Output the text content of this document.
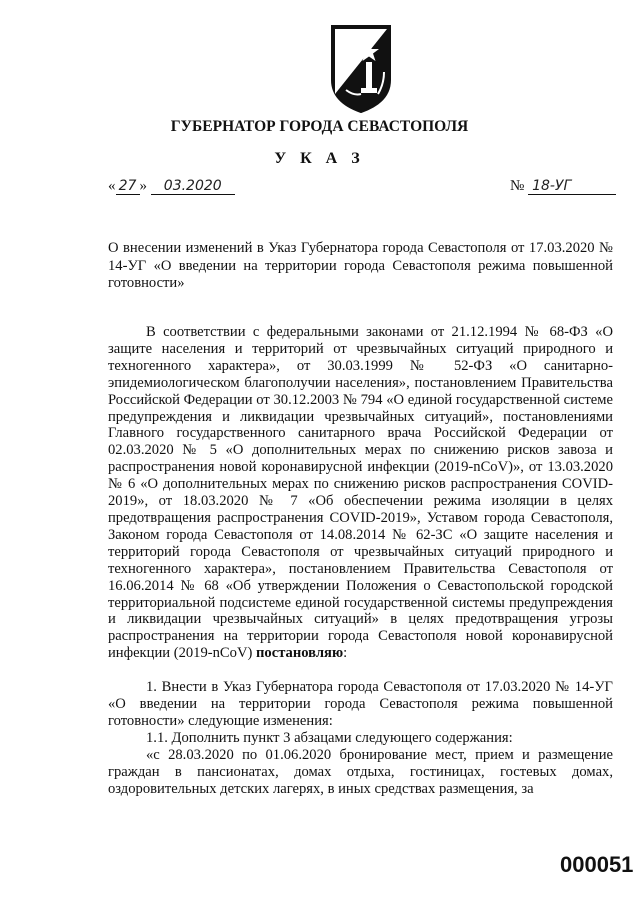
ГУБЕРНАТОР ГОРОДА СЕВАСТОПОЛЯ
У К А З
« 27 » 03.2020	№ 18-УГ
О внесении изменений в Указ Губернатора города Севастополя от 17.03.2020 № 14-УГ «О введении на территории города Севастополя режима повышенной готовности»

В соответствии с федеральными законами от 21.12.1994 № 68-ФЗ «О защите населения и территорий от чрезвычайных ситуаций природного и техногенного характера», от 30.03.1999 № 52-ФЗ «О санитарно-эпидемиологическом благополучии населения», постановлением Правительства Российской Федерации от 30.12.2003 № 794 «О единой государственной системе предупреждения и ликвидации чрезвычайных ситуаций», постановлениями Главного государственного санитарного врача Российской Федерации от 02.03.2020 № 5 «О дополнительных мерах по снижению рисков завоза и распространения новой коронавирусной инфекции (2019-nCoV)», от 13.03.2020 № 6 «О дополнительных мерах по снижению рисков распространения COVID-2019», от 18.03.2020 № 7 «Об обеспечении режима изоляции в целях предотвращения распространения COVID-2019», Уставом города Севастополя, Законом города Севастополя от 14.08.2014 № 62-ЗС «О защите населения и территорий города Севастополя от чрезвычайных ситуаций природного и техногенного характера», постановлением Правительства Севастополя от 16.06.2014 № 68 «Об утверждении Положения о Севастопольской городской территориальной подсистеме единой государственной системы предупреждения и ликвидации чрезвычайных ситуаций» в целях предотвращения угрозы распространения на территории города Севастополя новой коронавирусной инфекции (2019-nCoV) постановляю:

1. Внести в Указ Губернатора города Севастополя от 17.03.2020 № 14-УГ «О введении на территории города Севастополя режима повышенной готовности» следующие изменения:

1.1. Дополнить пункт 3 абзацами следующего содержания:

«с 28.03.2020 по 01.06.2020 бронирование мест, прием и размещение граждан в пансионатах, домах отдыха, гостиницах, гостевых домах, оздоровительных детских лагерях, в иных средствах размещения, за

000051
